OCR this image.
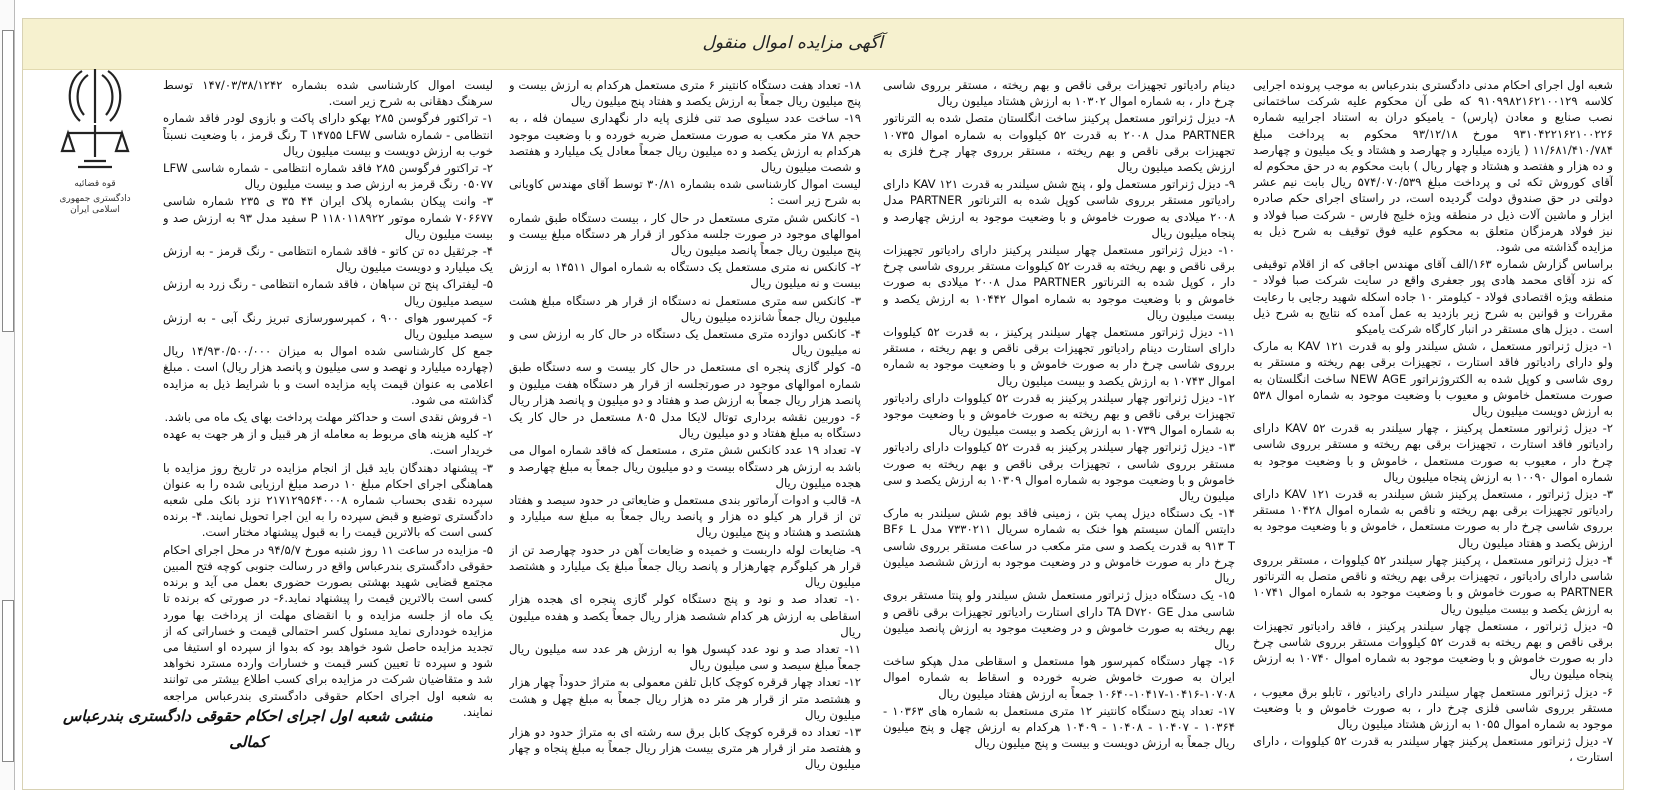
آگهی مزایده اموال منقول

شعبه اول اجرای احکام مدنی دادگستری بندرعباس به موجب پرونده اجرایی کلاسه ۹۱۰۹۹۸۲۱۶۲۱۰۰۱۲۹ که طی آن محکوم علیه شرکت ساختمانی نصب صنایع و معادن (پارس) - یامیکو دران به استناد اجراییه شماره ۹۳۱۰۴۲۲۱۶۲۱۰۰۲۲۶ مورخ ۹۳/۱۲/۱۸ محکوم به پرداخت مبلغ ۱۱/۶۸۱/۴۱۰/۷۸۴ ( یازده میلیارد و چهارصد و هشتاد و یک میلیون و چهارصد و ده هزار و هفتصد و هشتاد و چهار ریال ) بابت محکوم به در حق محکوم له آقای کوروش تکه ئی و پرداخت مبلغ ۵۷۴/۰۷۰/۵۳۹ ریال بابت نیم عشر دولتی در حق صندوق دولت گردیده است، در راستای اجرای حکم صادره ابزار و ماشین آلات ذیل در منطقه ویژه خلیج فارس - شرکت صبا فولاد و نیز فولاد هرمزگان متعلق به محکوم علیه فوق توقیف به شرح ذیل به مزایده گذاشته می شود.

براساس گزارش شماره ۱۶۳/الف آقای مهندس اجاقی که از اقلام توقیفی که نزد آقای محمد هادی پور جعفری واقع در سایت شرکت صبا فولاد - منطقه ویژه اقتصادی فولاد - کیلومتر ۱۰ جاده اسکله شهید رجایی با رعایت مقررات و قوانین به شرح زیر بازدید به عمل آمده که نتایج به شرح ذیل است . دیزل های مستقر در انبار کارگاه شرکت یامیکو

۱- دیزل ژنراتور مستعمل ، شش سیلندر ولو به قدرت ۱۲۱ KAV به مارک ولو دارای رادیاتور فاقد استارت ، تجهیزات برقی بهم ریخته و مستقر به روی شاسی و کوپل شده به الکتروژنراتور NEW AGE ساخت انگلستان به صورت مستعمل خاموش و معیوب با وضعیت موجود به شماره اموال ۵۳۸ به ارزش دویست میلیون ریال

۲- دیزل ژنراتور مستعمل پرکینز ، چهار سیلندر به قدرت ۵۲ KAV دارای رادیاتور فاقد استارت ، تجهیزات برقی بهم ریخته و مستقر برروی شاسی چرخ دار ، معیوب به صورت مستعمل ، خاموش و با وضعیت موجود به شماره اموال ۱۰۰۹۰ به ارزش پنجاه میلیون ریال

۳- دیزل ژنراتور ، مستعمل پرکینز شش سیلندر به قدرت ۱۲۱ KAV دارای رادیاتور تجهیزات برقی بهم ریخته و ناقص به شماره اموال ۱۰۴۲۸ مستقر برروی شاسی چرخ دار به صورت مستعمل ، خاموش و با وضعیت موجود به ارزش یکصد و هفتاد میلیون ریال

۴- دیزل ژنراتور مستعمل ، پرکینز چهار سیلندر ۵۲ کیلووات ، مستقر برروی شاسی دارای رادیاتور ، تجهیزات برقی بهم ریخته و ناقص متصل به الترناتور PARTNER به صورت خاموش و با وضعیت موجود به شماره اموال ۱۰۷۴۱ به ارزش یکصد و بیست میلیون ریال

۵- دیزل ژنراتور ، مستعمل چهار سیلندر پرکینز ، فاقد رادیاتور تجهیزات برقی ناقص و بهم ریخته به قدرت ۵۲ کیلووات مستقر برروی شاسی چرخ دار به صورت خاموش و با وضعیت موجود به شماره اموال ۱۰۷۴۰ به ارزش پنجاه میلیون ریال

۶- دیزل ژنراتور مستعمل چهار سیلندر دارای رادیاتور ، تابلو برق معیوب ، مستقر برروی شاسی فلزی چرخ دار ، به صورت خاموش و با وضعیت موجود به شماره اموال ۱۰۵۵ به ارزش هشتاد میلیون ریال

۷- دیزل ژنراتور مستعمل پرکینز چهار سیلندر به قدرت ۵۲ کیلووات ، دارای استارت ،

دینام رادیاتور تجهیزات برقی ناقص و بهم ریخته ، مستقر برروی شاسی چرخ دار ، به شماره اموال ۱۰۳۰۲ به ارزش هشتاد میلیون ریال

۸- دیزل ژنراتور مستعمل پرکینز ساخت انگلستان متصل شده به الترناتور PARTNER مدل ۲۰۰۸ به قدرت ۵۲ کیلووات به شماره اموال ۱۰۷۳۵ تجهیزات برقی ناقص و بهم ریخته ، مستقر برروی چهار چرخ فلزی به ارزش یکصد میلیون ریال

۹- دیزل ژنراتور مستعمل ولو ، پنج شش سیلندر به قدرت ۱۲۱ KAV دارای رادیاتور مستقر برروی شاسی کوپل شده به الترناتور PARTNER مدل ۲۰۰۸ میلادی به صورت خاموش و با وضعیت موجود به ارزش چهارصد و پنجاه میلیون ریال

۱۰- دیزل ژنراتور مستعمل چهار سیلندر پرکینز دارای رادیاتور تجهیزات برقی ناقص و بهم ریخته به قدرت ۵۲ کیلووات مستقر برروی شاسی چرخ دار ، کوپل شده به الترناتور PARTNER مدل ۲۰۰۸ میلادی به صورت خاموش و با وضعیت موجود به شماره اموال ۱۰۴۴۲ به ارزش یکصد و بیست میلیون ریال

۱۱- دیزل ژنراتور مستعمل چهار سیلندر پرکینز ، به قدرت ۵۲ کیلووات دارای استارت دینام رادیاتور تجهیزات برقی ناقص و بهم ریخته ، مستقر برروی شاسی چرخ دار به صورت خاموش و با وضعیت موجود به شماره اموال ۱۰۷۴۳ به ارزش یکصد و بیست میلیون ریال

۱۲- دیزل ژنراتور چهار سیلندر پرکینز به قدرت ۵۲ کیلووات دارای رادیاتور تجهیزات برقی ناقص و بهم ریخته به صورت خاموش و با وضعیت موجود به شماره اموال ۱۰۷۳۹ به ارزش یکصد و بیست میلیون ریال

۱۳- دیزل ژنراتور چهار سیلندر پرکینز به قدرت ۵۲ کیلووات دارای رادیاتور مستقر برروی شاسی ، تجهیزات برقی ناقص و بهم ریخته به صورت خاموش و با وضعیت موجود به شماره اموال ۱۰۳۰۹ به ارزش یکصد و سی میلیون ریال

۱۴- یک دستگاه دیزل پمپ بتن ، زمینی فاقد بوم شش سیلندر به مارک دایتس آلمان سیستم هوا خنک به شماره سریال ۷۳۳۰۲۱۱ مدل BF۶ L ۹۱۳ T به قدرت یکصد و سی متر مکعب در ساعت مستقر برروی شاسی چرخ دار به صورت خاموش و در وضعیت موجود به ارزش ششصد میلیون ریال

۱۵- یک دستگاه دیزل ژنراتور مستعمل شش سیلندر ولو پنتا مستقر بروی شاسی مدل TA D۷۲۰ GE دارای استارت رادیاتور تجهیزات برقی ناقص و بهم ریخته به صورت خاموش و در وضعیت موجود به ارزش پانصد میلیون ریال

۱۶- چهار دستگاه کمپرسور هوا مستعمل و اسقاطی مدل هپکو ساخت ایران به صورت خاموش ضربه خورده و اسقاط به شماره اموال ۱۰۷۰۸-۱۰۴۱۶-۱۰۴۱۷-۱۰۶۴۰ جمعاً به ارزش هفتاد میلیون ریال

۱۷- تعداد پنج دستگاه کانتینر ۱۲ متری مستعمل به شماره های ۱۰۳۶۳ - ۱۰۳۶۴ - ۱۰۴۰۷ - ۱۰۴۰۸ - ۱۰۴۰۹ هرکدام به ارزش چهل و پنج میلیون ریال جمعاً به ارزش دویست و بیست و پنج میلیون ریال

۱۸- تعداد هفت دستگاه کانتینر ۶ متری مستعمل هرکدام به ارزش بیست و پنج میلیون ریال جمعاً به ارزش یکصد و هفتاد پنج میلیون ریال

۱۹- ساخت عدد سیلوی صد تنی فلزی پایه دار نگهداری سیمان فله ، به حجم ۷۸ متر مکعب به صورت مستعمل ضربه خورده و با وضعیت موجود هرکدام به ارزش یکصد و ده میلیون ریال جمعاً معادل یک میلیارد و هفتصد و شصت میلیون ریال

لیست اموال کارشناسی شده بشماره ۳۰/۸۱ توسط آقای مهندس کاویانی به شرح زیر است :

۱- کانکس شش متری مستعمل در حال کار ، بیست دستگاه طبق شماره اموالهای موجود در صورت جلسه مذکور از قرار هر دستگاه مبلغ بیست و پنج میلیون ریال جمعاً پانصد میلیون ریال

۲- کانکس نه متری مستعمل یک دستگاه به شماره اموال ۱۴۵۱۱ به ارزش بیست و نه میلیون ریال

۳- کانکس سه متری مستعمل نه دستگاه از قرار هر دستگاه مبلغ هشت میلیون ریال جمعاً شانزده میلیون ریال

۴- کانکس دوازده متری مستعمل یک دستگاه در حال کار به ارزش سی و نه میلیون ریال

۵- کولر گازی پنجره ای مستعمل در حال کار بیست و سه دستگاه طبق شماره اموالهای موجود در صورتجلسه از قرار هر دستگاه هفت میلیون و پانصد هزار ریال جمعاً به ارزش صد و هفتاد و دو میلیون و پانصد هزار ریال

۶- دوربین نقشه برداری توتال لایکا مدل ۸۰۵ مستعمل در حال کار یک دستگاه به مبلغ هفتاد و دو میلیون ریال

۷- تعداد ۱۹ عدد کانکس شش متری ، مستعمل که فاقد شماره اموال می باشد به ارزش هر دستگاه بیست و دو میلیون ریال جمعاً به مبلغ چهارصد و هجده میلیون ریال

۸- قالب و ادوات آرماتور بندی مستعمل و ضایعاتی در حدود سیصد و هفتاد تن از قرار هر کیلو ده هزار و پانصد ریال جمعاً به مبلغ سه میلیارد و هشتصد و هشتاد و پنج میلیون ریال

۹- ضایعات لوله داربست و خمیده و ضایعات آهن در حدود چهارصد تن از قرار هر کیلوگرم چهارهزار و پانصد ریال جمعاً مبلغ یک میلیارد و هشتصد میلیون ریال

۱۰- تعداد صد و نود و پنج دستگاه کولر گازی پنجره ای هجده هزار اسقاطی به ارزش هر کدام ششصد هزار ریال جمعاً یکصد و هفده میلیون ریال

۱۱- تعداد صد و نود عدد کپسول هوا به ارزش هر عدد سه میلیون ریال جمعاً مبلغ سیصد و سی میلیون ریال

۱۲- تعداد چهار قرقره کوچک کابل تلفن معمولی به متراژ حدوداً چهار هزار و هشتصد متر از قرار هر متر ده هزار ریال جمعاً به مبلغ چهل و هشت میلیون ریال

۱۳- تعداد ده قرقره کوچک کابل برق سه رشته ای به متراژ حدود دو هزار و هفتصد متر از قرار هر متری بیست هزار ریال جمعاً به مبلغ پنجاه و چهار میلیون ریال

لیست اموال کارشناسی شده بشماره ۱۴۷/۰۳/۳۸/۱۲۴۲ توسط سرهنگ دهقانی به شرح زیر است.

۱- تراکتور فرگوسن ۲۸۵ بهکو دارای پاکت و بازوی لودر فاقد شماره انتظامی - شماره شاسی T ۱۴۷۵۵ LFW رنگ قرمز ، با وضعیت نسبتاً خوب به ارزش دویست و بیست میلیون ریال

۲- تراکتور فرگوسن ۲۸۵ فاقد شماره انتظامی - شماره شاسی LFW ۰۵۰۷۷ رنگ قرمز به ارزش صد و بیست میلیون ریال

۳- وانت پیکان بشماره پلاک ایران ۴۴ ۳۵ ی ۲۳۵ شماره شاسی ۷۰۶۶۷۷ شماره موتور ۱۱۸۰۱۱۸۹۲۲ P سفید مدل ۹۳ به ارزش صد و بیست میلیون ریال

۴- جرثقیل ده تن کاتو - فاقد شماره انتظامی - رنگ قرمز - به ارزش یک میلیارد و دویست میلیون ریال

۵- لیفتراک پنج تن سپاهان ، فاقد شماره انتظامی - رنگ زرد به ارزش سیصد میلیون ریال

۶- کمپرسور هوای ۹۰۰ ، کمپرسورسازی تبریز رنگ آبی - به ارزش سیصد میلیون ریال

جمع کل کارشناسی شده اموال به میزان ۱۴/۹۳۰/۵۰۰/۰۰۰ ریال (چهارده میلیارد و نهصد و سی میلیون و پانصد هزار ریال) است . مبلغ اعلامی به عنوان قیمت پایه مزایده است و با شرایط ذیل به مزایده گذاشته می شود.

۱- فروش نقدی است و حداکثر مهلت پرداخت بهای یک ماه می باشد.

۲- کلیه هزینه های مربوط به معامله از هر قبیل و از هر جهت به عهده خریدار است.

۳- پیشنهاد دهندگان باید قبل از انجام مزایده در تاریخ روز مزایده با هماهنگی اجرای احکام مبلغ ۱۰ درصد مبلغ ارزیابی شده را به عنوان سپرده نقدی بحساب شماره ۲۱۷۱۲۹۵۶۴۰۰۰۸ نزد بانک ملی شعبه دادگستری توضیع و قبض سپرده را به این اجرا تحویل نمایند. ۴- برنده کسی است که بالاترین قیمت را به قبول پیشنهاد مختار است.

۵- مزایده در ساعت ۱۱ روز شنبه مورخ ۹۴/۵/۷ در محل اجرای احکام حقوقی دادگستری بندرعباس واقع در رسالت جنوبی کوچه فتح المبین مجتمع قضایی شهید بهشتی بصورت حضوری بعمل می آید و برنده کسی است بالاترین قیمت را پیشنهاد نماید.۶- در صورتی که برنده تا یک ماه از جلسه مزایده و با انقضای مهلت از پرداخت بها مورد مزایده خودداری نماید مسئول کسر احتمالی قیمت و خساراتی که از تجدید مزایده حاصل شود خواهد بود که بدوا از سپرده او استیفا می شود و سپرده تا تعیین کسر قیمت و خسارات وارده مسترد نخواهد شد و متقاضیان شرکت در مزایده برای کسب اطلاع بیشتر می توانند به شعبه اول اجرای احکام حقوقی دادگستری بندرعباس مراجعه نمایند.

قوه قضائیه
دادگستری جمهوری اسلامی ایران
منشی شعبه اول اجرای احکام حقوقی دادگستری بندرعباس
کمالی
